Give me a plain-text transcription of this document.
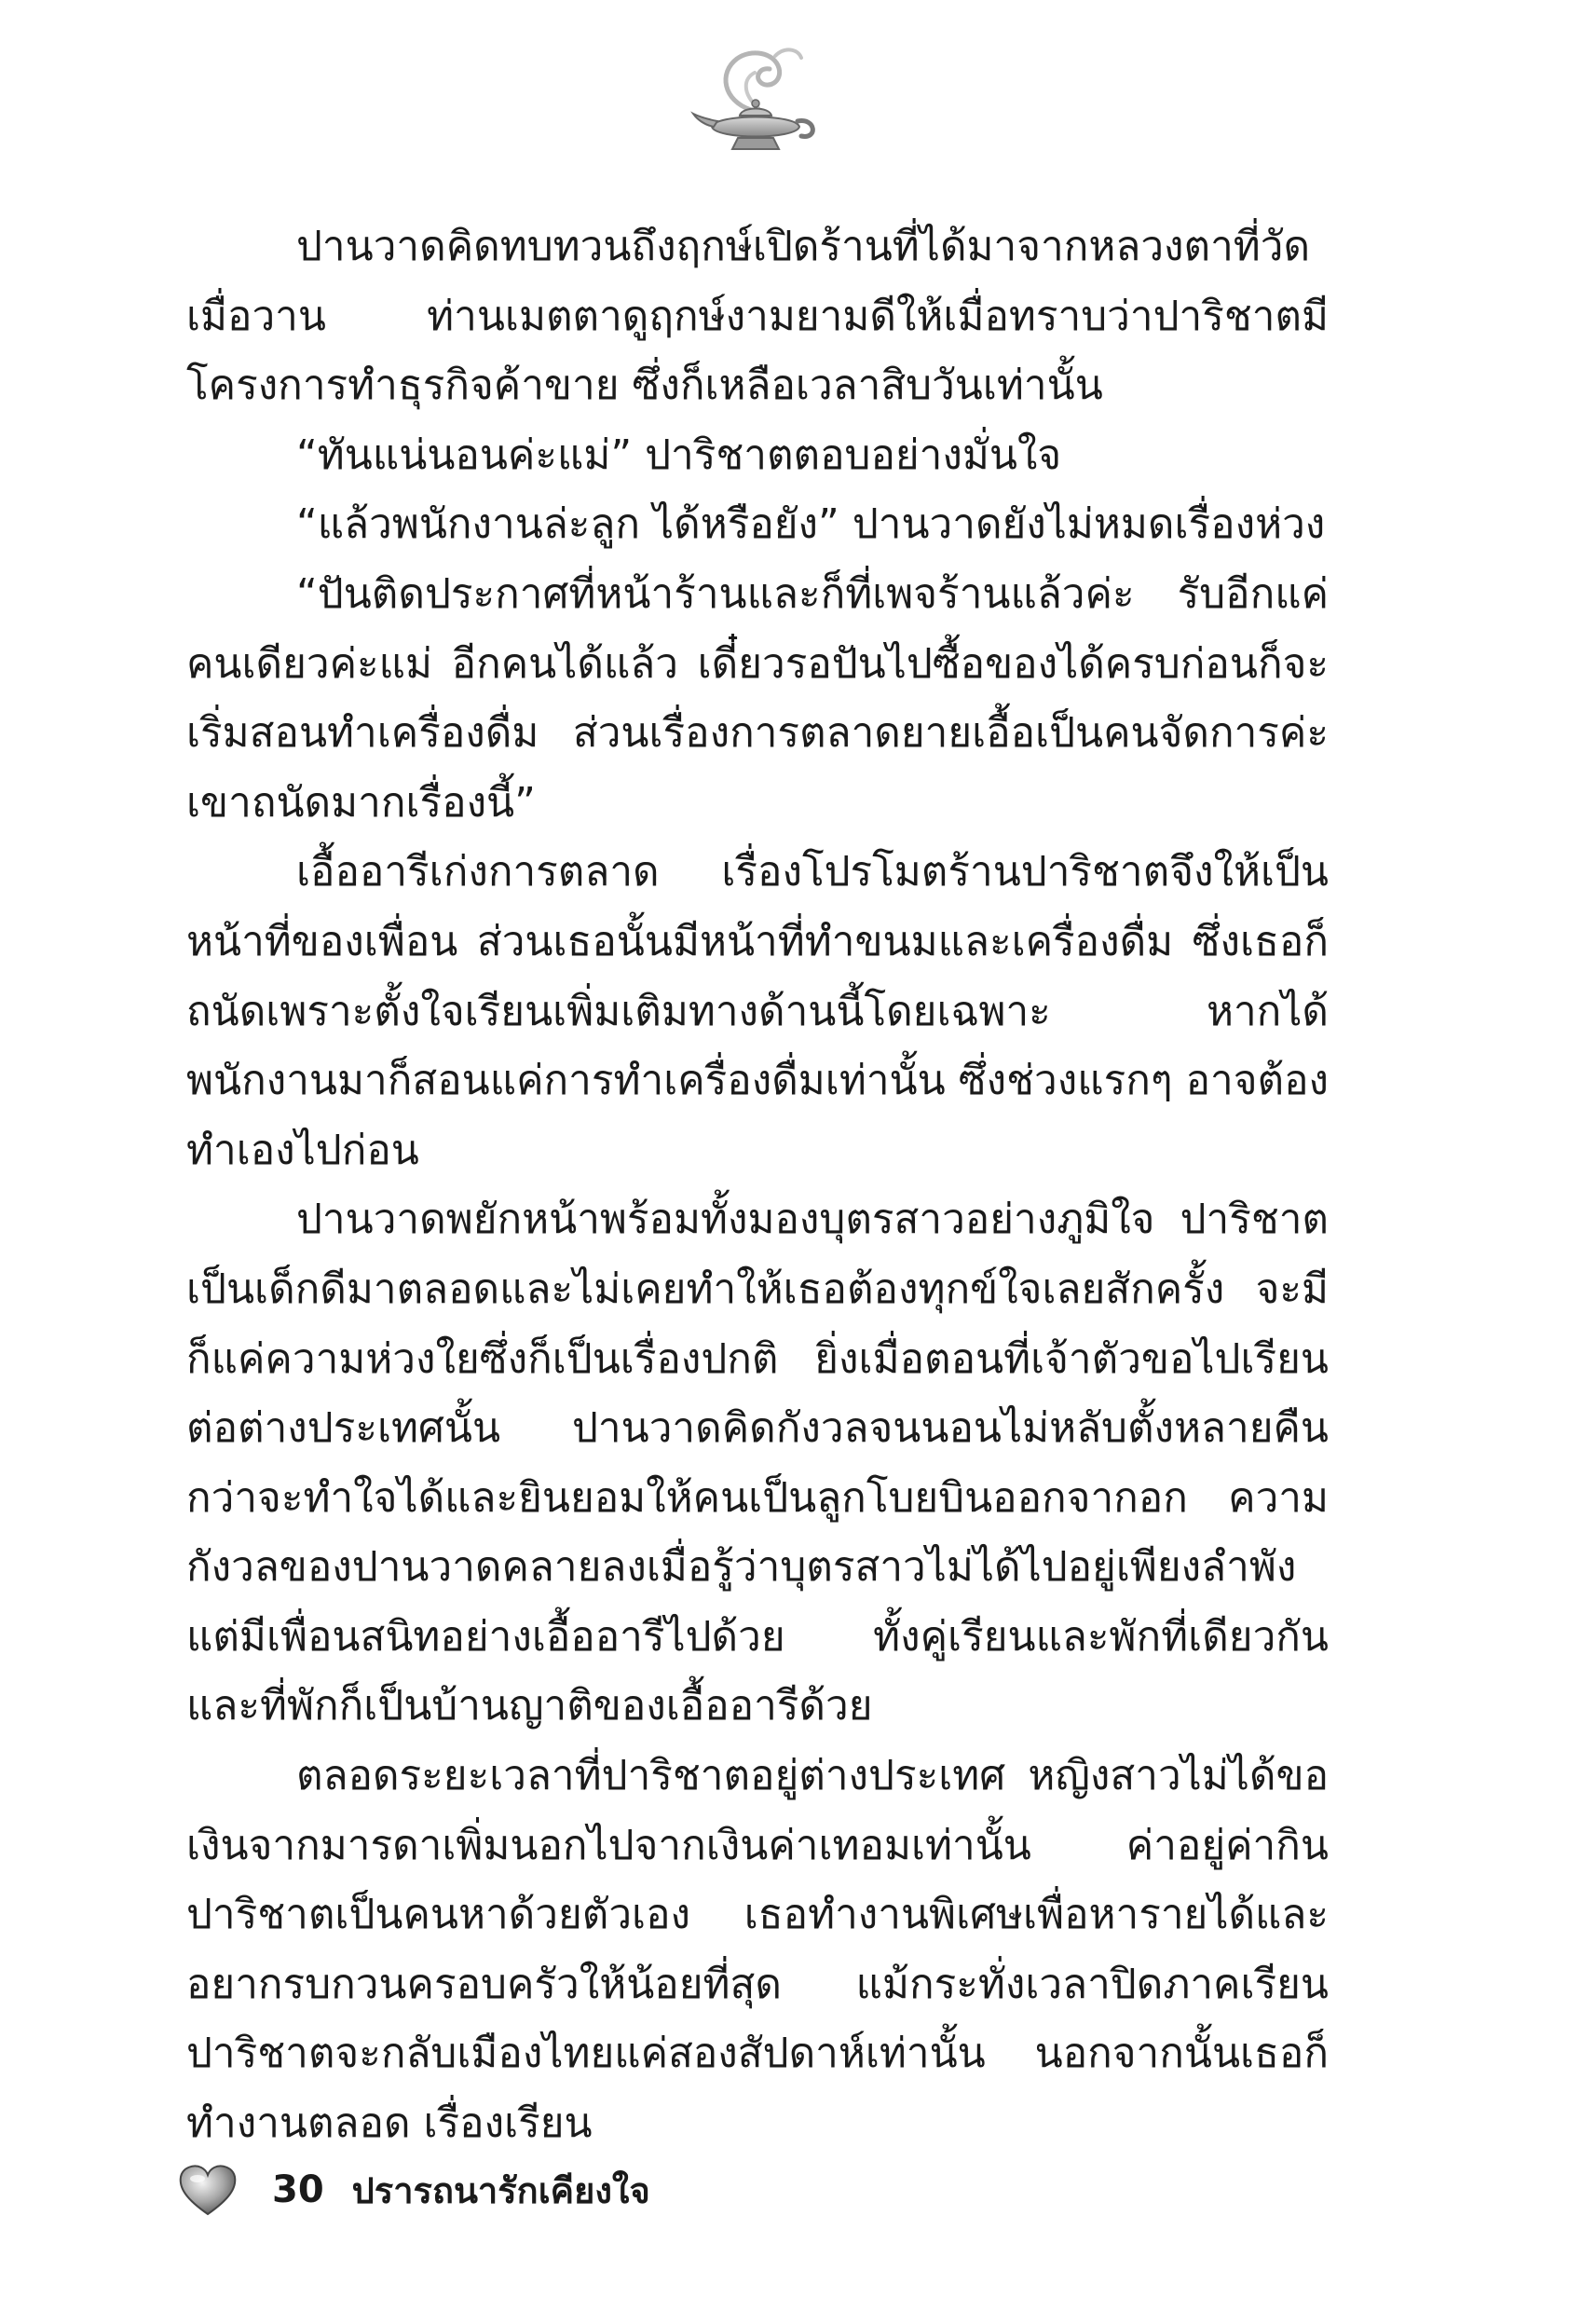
ปานวาดคิดทบทวนถึงฤกษ์เปิดร้านที่ได้มาจากหลวงตาที่วัดเมื่อวาน ท่านเมตตาดูฤกษ์งามยามดีให้เมื่อทราบว่าปาริชาตมีโครงการทำธุรกิจค้าขาย ซึ่งก็เหลือเวลาสิบวันเท่านั้น

“ทันแน่นอนค่ะแม่” ปาริชาตตอบอย่างมั่นใจ

“แล้วพนักงานล่ะลูก ได้หรือยัง” ปานวาดยังไม่หมดเรื่องห่วง

“ปันติดประกาศที่หน้าร้านและก็ที่เพจร้านแล้วค่ะ รับอีกแค่คนเดียวค่ะแม่ อีกคนได้แล้ว เดี๋ยวรอปันไปซื้อของได้ครบก่อนก็จะเริ่มสอนทำเครื่องดื่ม ส่วนเรื่องการตลาดยายเอื้อเป็นคนจัดการค่ะ เขาถนัดมากเรื่องนี้”

เอื้ออารีเก่งการตลาด เรื่องโปรโมตร้านปาริชาตจึงให้เป็นหน้าที่ของเพื่อน ส่วนเธอนั้นมีหน้าที่ทำขนมและเครื่องดื่ม ซึ่งเธอก็ถนัดเพราะตั้งใจเรียนเพิ่มเติมทางด้านนี้โดยเฉพาะ หากได้พนักงานมาก็สอนแค่การทำเครื่องดื่มเท่านั้น ซึ่งช่วงแรกๆ อาจต้องทำเองไปก่อน

ปานวาดพยักหน้าพร้อมทั้งมองบุตรสาวอย่างภูมิใจ ปาริชาตเป็นเด็กดีมาตลอดและไม่เคยทำให้เธอต้องทุกข์ใจเลยสักครั้ง จะมีก็แค่ความห่วงใยซึ่งก็เป็นเรื่องปกติ ยิ่งเมื่อตอนที่เจ้าตัวขอไปเรียนต่อต่างประเทศนั้น ปานวาดคิดกังวลจนนอนไม่หลับตั้งหลายคืน กว่าจะทำใจได้และยินยอมให้คนเป็นลูกโบยบินออกจากอก ความกังวลของปานวาดคลายลงเมื่อรู้ว่าบุตรสาวไม่ได้ไปอยู่เพียงลำพัง แต่มีเพื่อนสนิทอย่างเอื้ออารีไปด้วย ทั้งคู่เรียนและพักที่เดียวกัน และที่พักก็เป็นบ้านญาติของเอื้ออารีด้วย

ตลอดระยะเวลาที่ปาริชาตอยู่ต่างประเทศ หญิงสาวไม่ได้ขอเงินจากมารดาเพิ่มนอกไปจากเงินค่าเทอมเท่านั้น ค่าอยู่ค่ากินปาริชาตเป็นคนหาด้วยตัวเอง เธอทำงานพิเศษเพื่อหารายได้และอยากรบกวนครอบครัวให้น้อยที่สุด แม้กระทั่งเวลาปิดภาคเรียนปาริชาตจะกลับเมืองไทยแค่สองสัปดาห์เท่านั้น นอกจากนั้นเธอก็ทำงานตลอด เรื่องเรียน

30 ปรารถนารักเคียงใจ
